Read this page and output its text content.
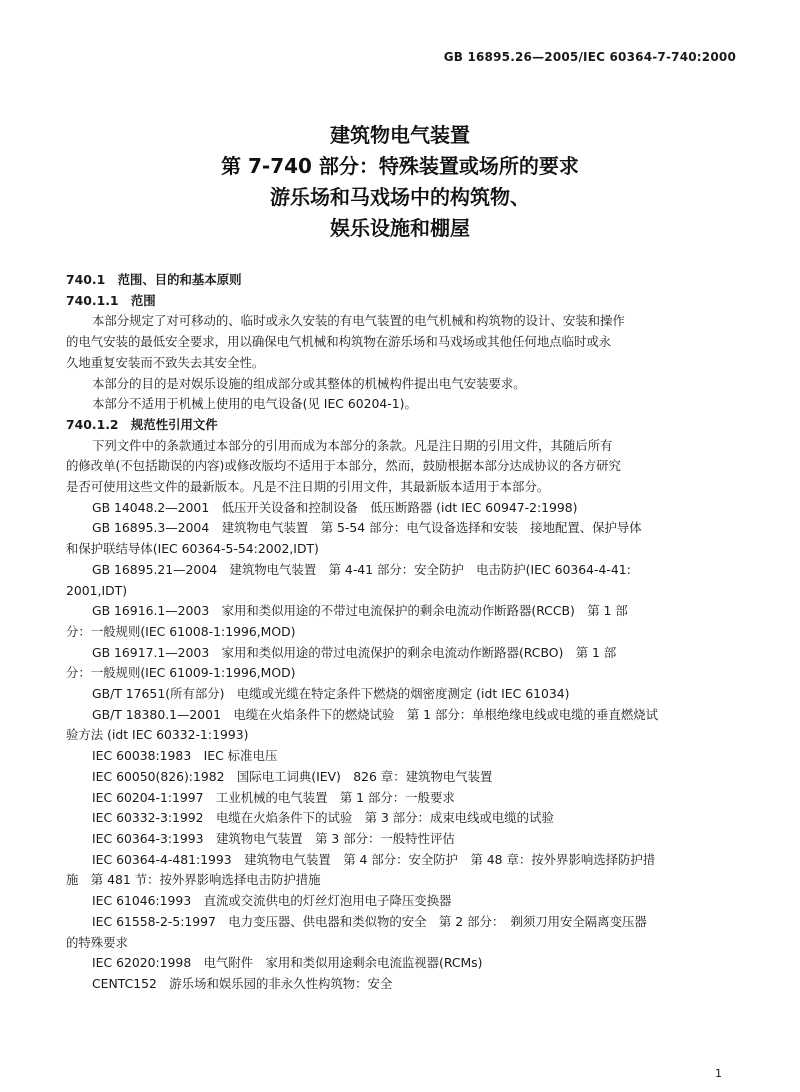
GB 16895.26—2005/IEC 60364-7-740:2000
建筑物电气装置
第 7-740 部分：特殊装置或场所的要求
游乐场和马戏场中的构筑物、
娱乐设施和棚屋
740.1　范围、目的和基本原则
740.1.1　范围
本部分规定了对可移动的、临时或永久安装的有电气装置的电气机械和构筑物的设计、安装和操作
的电气安装的最低安全要求，用以确保电气机械和构筑物在游乐场和马戏场或其他任何地点临时或永
久地重复安装而不致失去其安全性。
本部分的目的是对娱乐设施的组成部分或其整体的机械构件提出电气安装要求。
本部分不适用于机械上使用的电气设备(见 IEC 60204-1)。
740.1.2　规范性引用文件
下列文件中的条款通过本部分的引用而成为本部分的条款。凡是注日期的引用文件，其随后所有
的修改单(不包括勘误的内容)或修改版均不适用于本部分，然而，鼓励根据本部分达成协议的各方研究
是否可使用这些文件的最新版本。凡是不注日期的引用文件，其最新版本适用于本部分。
GB 14048.2—2001　低压开关设备和控制设备　低压断路器 (idt IEC 60947-2:1998)
GB 16895.3—2004　建筑物电气装置　第 5-54 部分：电气设备选择和安装　接地配置、保护导体
和保护联结导体(IEC 60364-5-54:2002,IDT)
GB 16895.21—2004　建筑物电气装置　第 4-41 部分：安全防护　电击防护(IEC 60364-4-41:
2001,IDT)
GB 16916.1—2003　家用和类似用途的不带过电流保护的剩余电流动作断路器(RCCB)　第 1 部
分：一般规则(IEC 61008-1:1996,MOD)
GB 16917.1—2003　家用和类似用途的带过电流保护的剩余电流动作断路器(RCBO)　第 1 部
分：一般规则(IEC 61009-1:1996,MOD)
GB/T 17651(所有部分)　电缆或光缆在特定条件下燃烧的烟密度测定 (idt IEC 61034)
GB/T 18380.1—2001　电缆在火焰条件下的燃烧试验　第 1 部分：单根绝缘电线或电缆的垂直燃烧试
验方法 (idt IEC 60332-1:1993)
IEC 60038:1983　IEC 标准电压
IEC 60050(826):1982　国际电工词典(IEV)　826 章：建筑物电气装置
IEC 60204-1:1997　工业机械的电气装置　第 1 部分：一般要求
IEC 60332-3:1992　电缆在火焰条件下的试验　第 3 部分：成束电线或电缆的试验
IEC 60364-3:1993　建筑物电气装置　第 3 部分：一般特性评估
IEC 60364-4-481:1993　建筑物电气装置　第 4 部分：安全防护　第 48 章：按外界影响选择防护措
施　第 481 节：按外界影响选择电击防护措施
IEC 61046:1993　直流或交流供电的灯丝灯泡用电子降压变换器
IEC 61558-2-5:1997　电力变压器、供电器和类似物的安全　第 2 部分：　剃须刀用安全隔离变压器
的特殊要求
IEC 62020:1998　电气附件　家用和类似用途剩余电流监视器(RCMs)
CENTC152　游乐场和娱乐园的非永久性构筑物：安全
1
